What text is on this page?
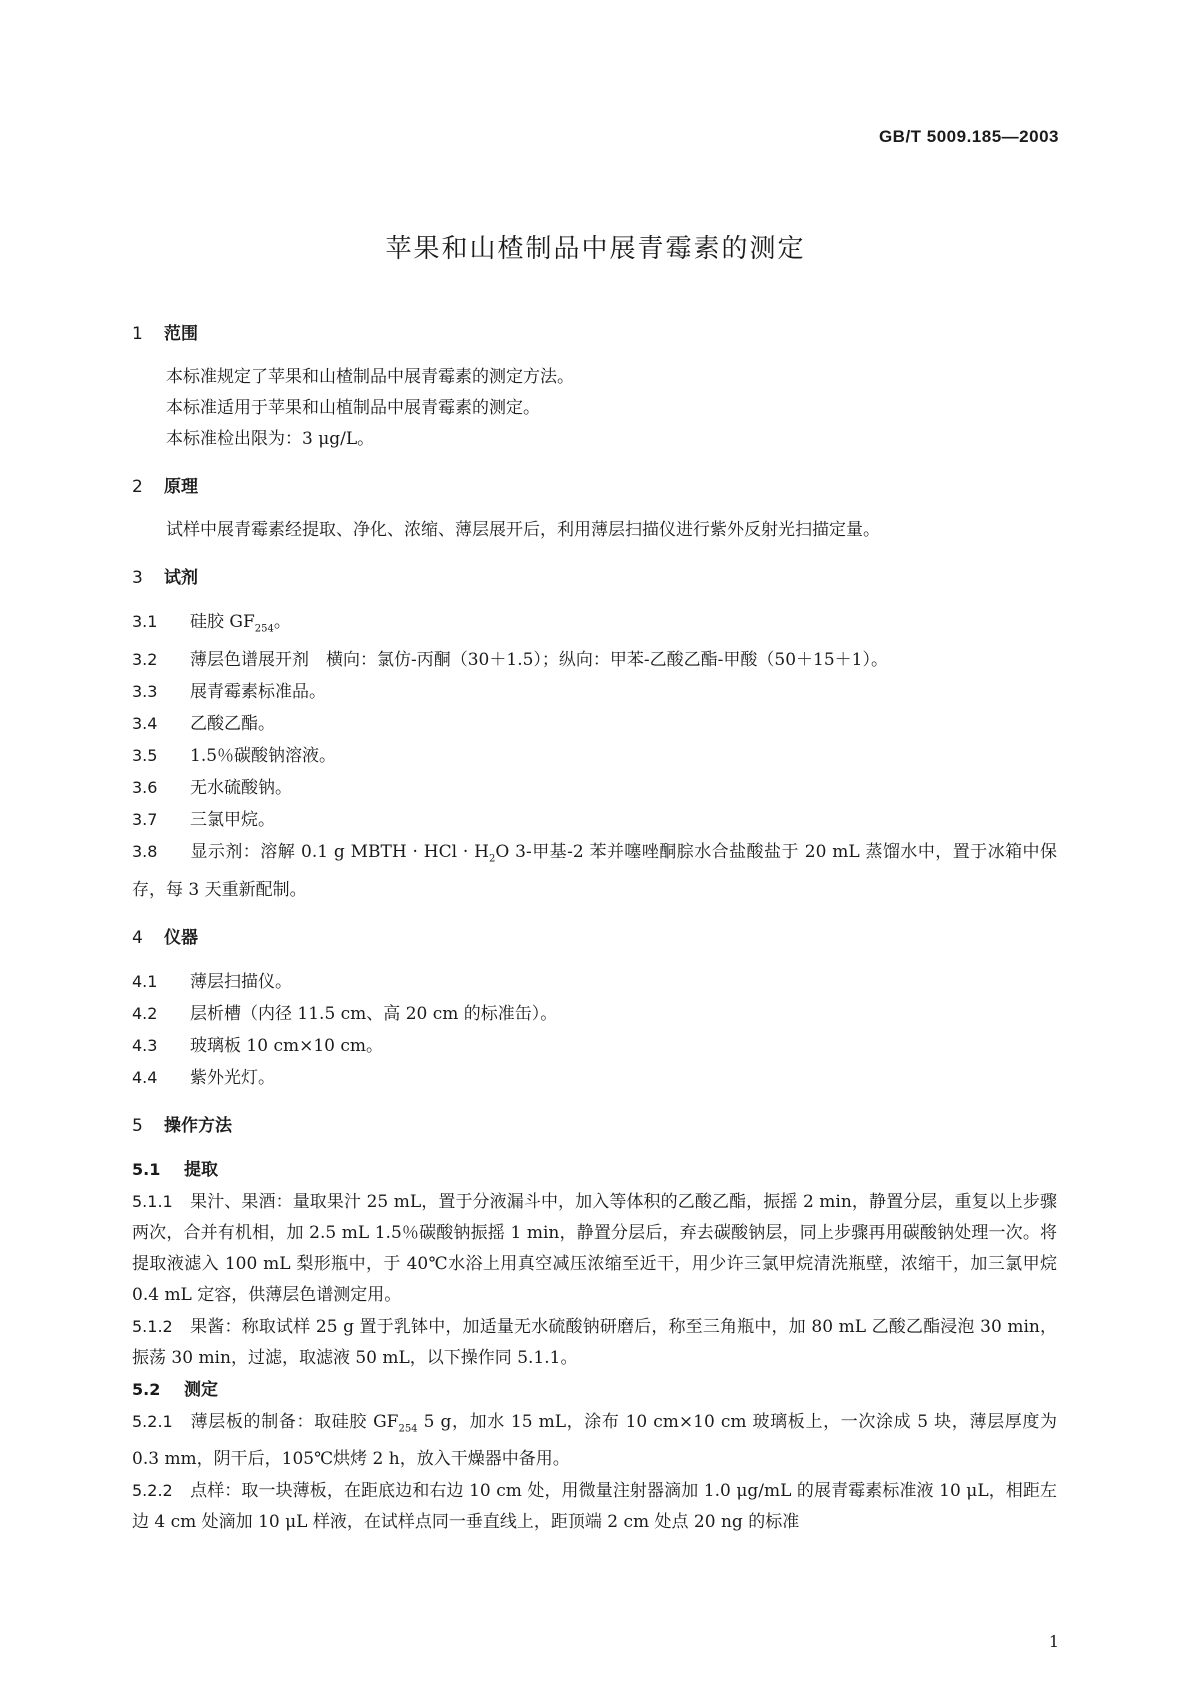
GB/T 5009.185—2003
苹果和山楂制品中展青霉素的测定

1 范围

本标准规定了苹果和山楂制品中展青霉素的测定方法。

本标准适用于苹果和山植制品中展青霉素的测定。

本标准检出限为：3 μg/L。

2 原理

试样中展青霉素经提取、净化、浓缩、薄层展开后，利用薄层扫描仪进行紫外反射光扫描定量。

3 试剂

3.1 硅胶 $GF_{254}$。

3.2 薄层色谱展开剂　横向：氯仿-丙酮（30＋1.5）；纵向：甲苯-乙酸乙酯-甲酸（50＋15＋1）。

3.3 展青霉素标准品。

3.4 乙酸乙酯。

3.5 1.5％碳酸钠溶液。

3.6 无水硫酸钠。

3.7 三氯甲烷。

3.8 显示剂：溶解 0.1 g MBTH · HCl · $H_2O$ 3-甲基-2 苯并噻唑酮腙水合盐酸盐于 20 mL 蒸馏水中，置于冰箱中保存，每 3 天重新配制。

4 仪器

4.1 薄层扫描仪。

4.2 层析槽（内径 11.5 cm、高 20 cm 的标准缶）。

4.3 玻璃板 10 cm×10 cm。

4.4 紫外光灯。

5 操作方法

5.1 提取

5.1.1 果汁、果酒：量取果汁 25 mL，置于分液漏斗中，加入等体积的乙酸乙酯，振摇 2 min，静置分层，重复以上步骤两次，合并有机相，加 2.5 mL 1.5％碳酸钠振摇 1 min，静置分层后，弃去碳酸钠层，同上步骤再用碳酸钠处理一次。将提取液滤入 100 mL 梨形瓶中，于 40℃水浴上用真空减压浓缩至近干，用少许三氯甲烷清洗瓶壁，浓缩干，加三氯甲烷 0.4 mL 定容，供薄层色谱测定用。

5.1.2 果酱：称取试样 25 g 置于乳钵中，加适量无水硫酸钠研磨后，称至三角瓶中，加 80 mL 乙酸乙酯浸泡 30 min，振荡 30 min，过滤，取滤液 50 mL，以下操作同 5.1.1。

5.2 测定

5.2.1 薄层板的制备：取硅胶 $GF_{254}$ 5 g，加水 15 mL，涂布 10 cm×10 cm 玻璃板上，一次涂成 5 块，薄层厚度为 0.3 mm，阴干后，105℃烘烤 2 h，放入干燥器中备用。

5.2.2 点样：取一块薄板，在距底边和右边 10 cm 处，用微量注射器滴加 1.0 μg/mL 的展青霉素标准液 10 μL，相距左边 4 cm 处滴加 10 μL 样液，在试样点同一垂直线上，距顶端 2 cm 处点 20 ng 的标准

1
